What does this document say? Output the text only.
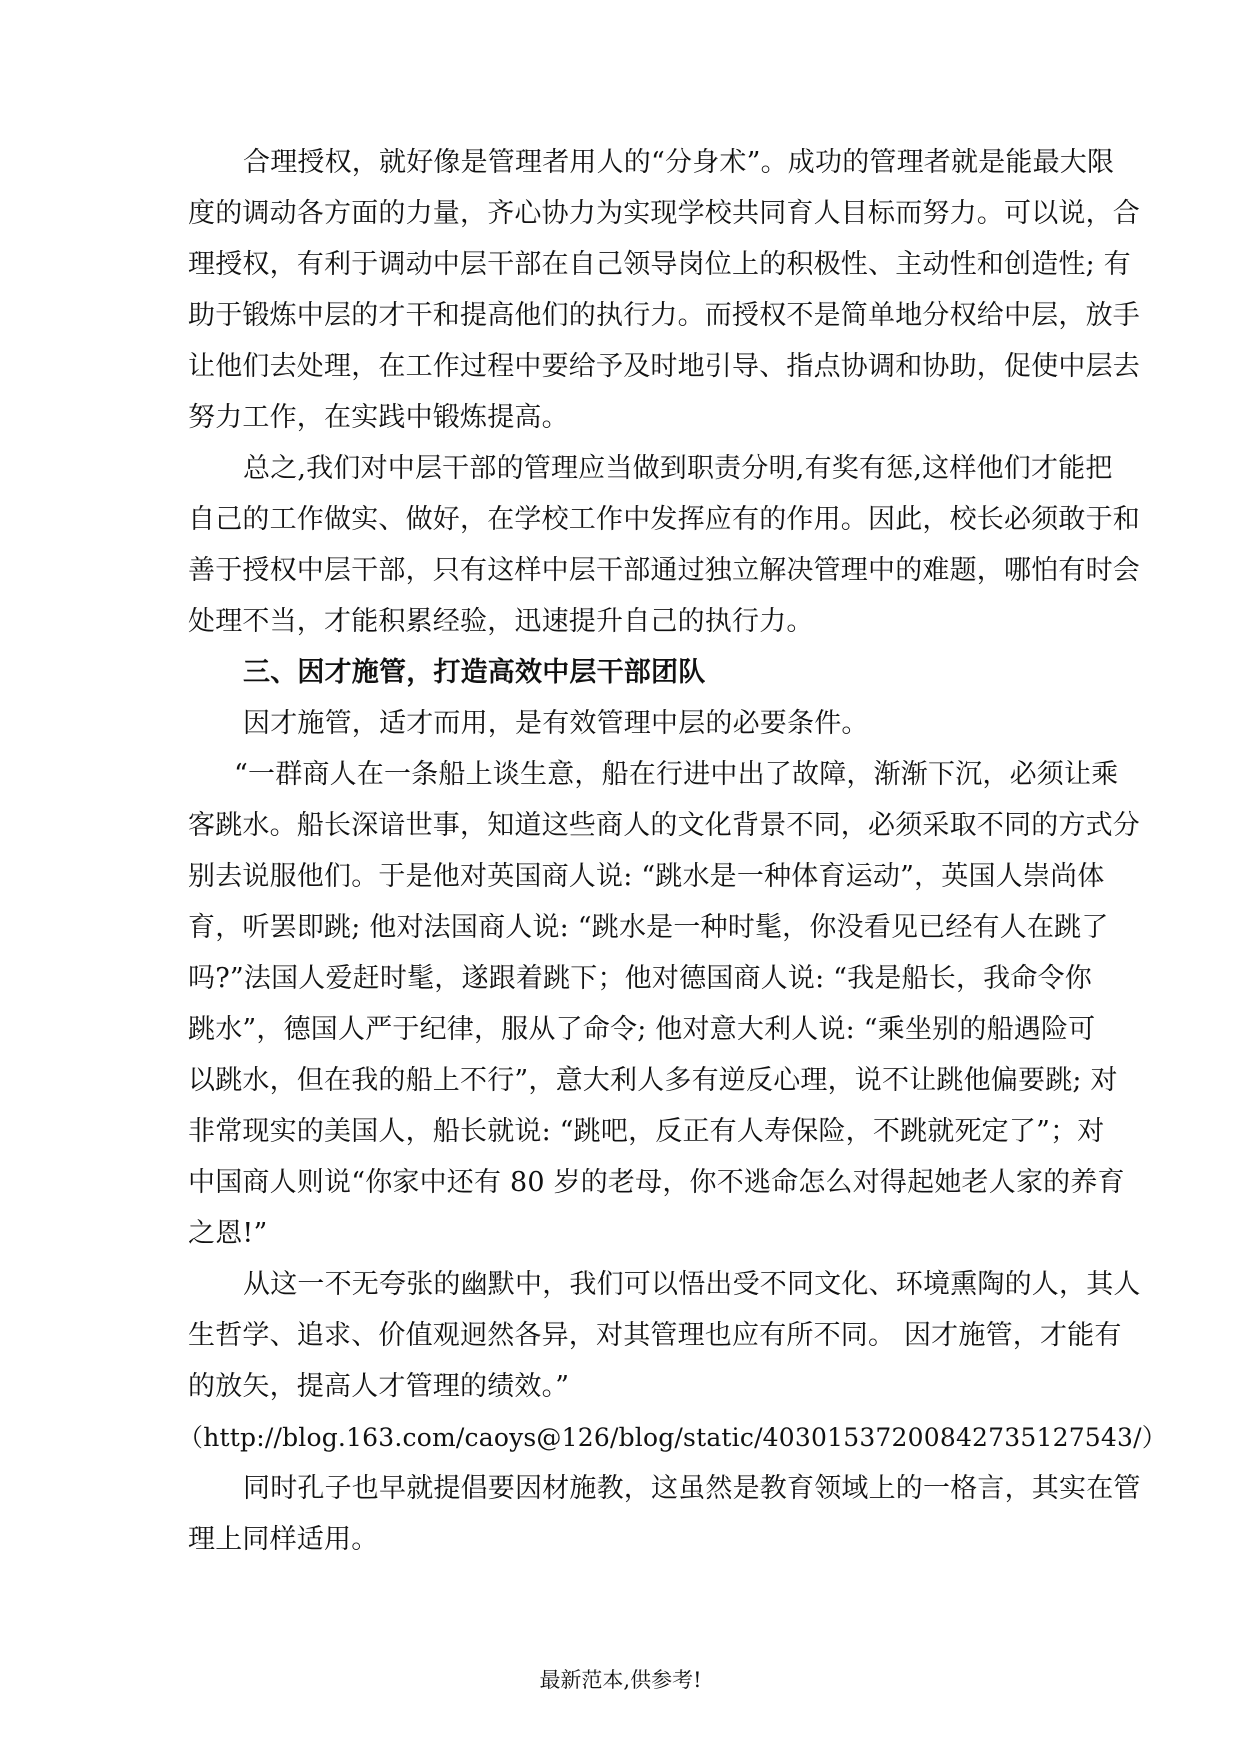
合理授权，就好像是管理者用人的“分身术”。成功的管理者就是能最大限
度的调动各方面的力量，齐心协力为实现学校共同育人目标而努力。可以说，合
理授权，有利于调动中层干部在自己领导岗位上的积极性、主动性和创造性; 有
助于锻炼中层的才干和提高他们的执行力。而授权不是简单地分权给中层，放手
让他们去处理，在工作过程中要给予及时地引导、指点协调和协助，促使中层去
努力工作，在实践中锻炼提高。
总之,我们对中层干部的管理应当做到职责分明,有奖有惩,这样他们才能把
自己的工作做实、做好，在学校工作中发挥应有的作用。因此，校长必须敢于和
善于授权中层干部，只有这样中层干部通过独立解决管理中的难题，哪怕有时会
处理不当，才能积累经验，迅速提升自己的执行力。
三、因才施管，打造高效中层干部团队
因才施管，适才而用，是有效管理中层的必要条件。
“一群商人在一条船上谈生意，船在行进中出了故障，渐渐下沉，必须让乘
客跳水。船长深谙世事，知道这些商人的文化背景不同，必须采取不同的方式分
别去说服他们。于是他对英国商人说: “跳水是一种体育运动”，英国人崇尚体
育，听罢即跳; 他对法国商人说: “跳水是一种时髦，你没看见已经有人在跳了
吗?”法国人爱赶时髦，遂跟着跳下；他对德国商人说: “我是船长，我命令你
跳水”，德国人严于纪律，服从了命令; 他对意大利人说: “乘坐别的船遇险可
以跳水，但在我的船上不行”，意大利人多有逆反心理，说不让跳他偏要跳; 对
非常现实的美国人，船长就说: “跳吧，反正有人寿保险，不跳就死定了”；对
中国商人则说“你家中还有 80 岁的老母，你不逃命怎么对得起她老人家的养育
之恩!”
从这一不无夸张的幽默中，我们可以悟出受不同文化、环境熏陶的人，其人
生哲学、追求、价值观迥然各异，对其管理也应有所不同。 因才施管，才能有
的放矢，提高人才管理的绩效。”
（http://blog.163.com/caoys@126/blog/static/40301537200842735127543/）
同时孔子也早就提倡要因材施教，这虽然是教育领域上的一格言，其实在管
理上同样适用。
最新范本,供参考!
